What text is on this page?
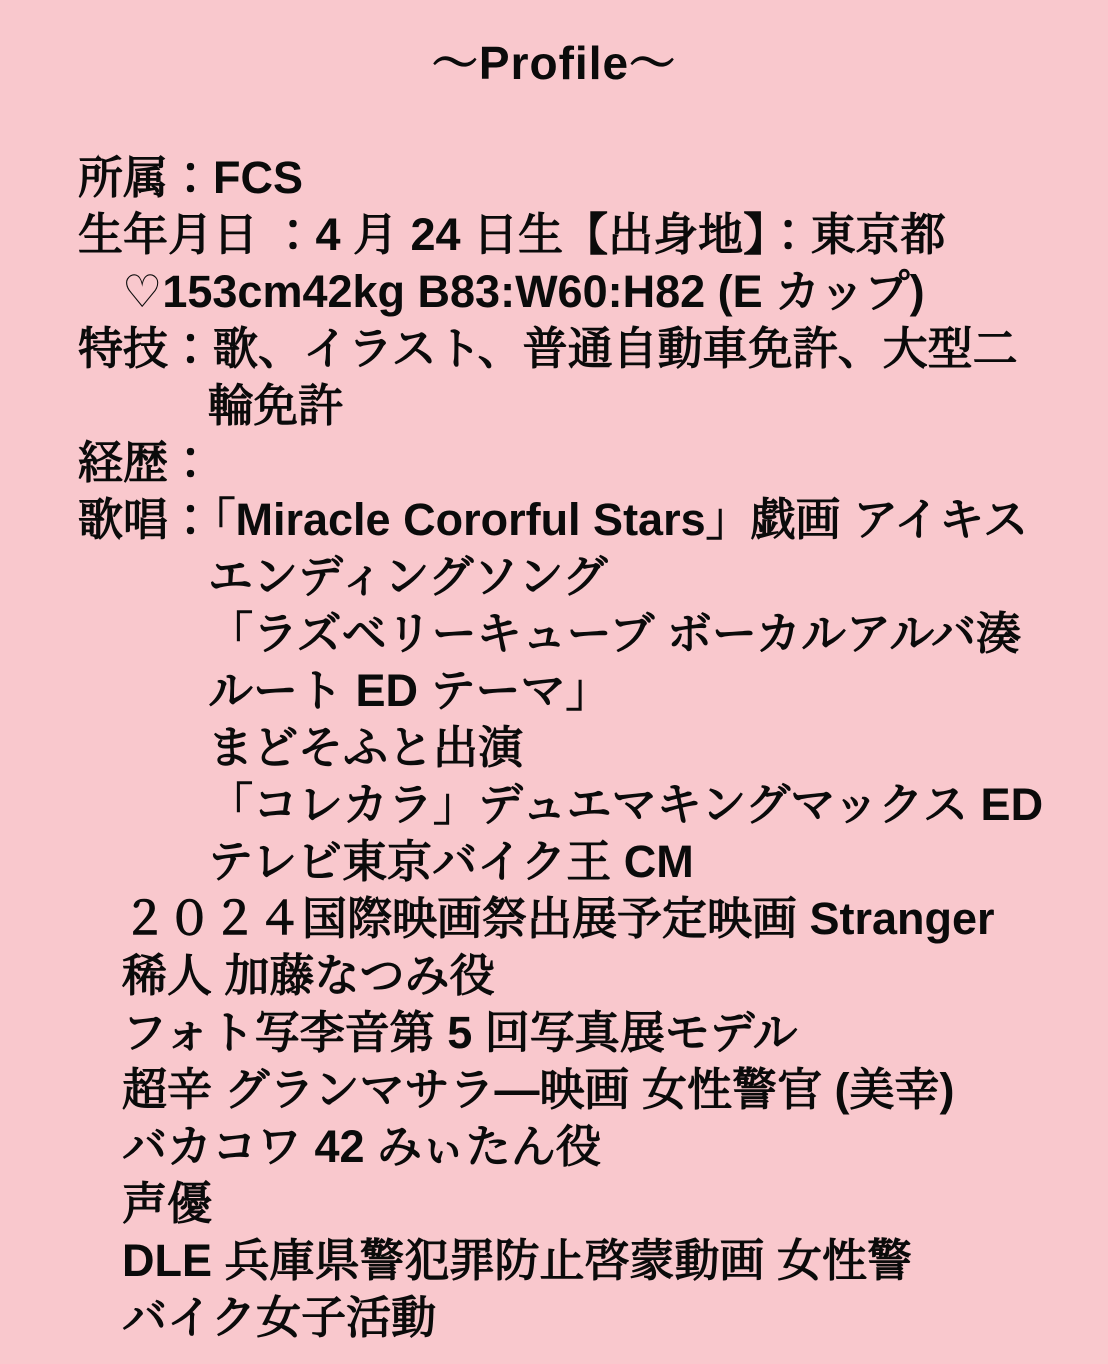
～Profile～
所属：FCS
生年月日 ：4 月 24 日生【出身地】：東京都
♡153cm42kg B83:W60:H82 (E カップ)
特技：歌、イラスト、普通自動車免許、大型二
輪免許
経歴：
歌唱：「Miracle Cororful Stars」戯画 アイキス
エンディングソング
「ラズベリーキューブ ボーカルアルバ湊
ルート ED テーマ」
まどそふと出演
「コレカラ」デュエマキングマックス ED
テレビ東京バイク王 CM
２０２４国際映画祭出展予定映画 Stranger
稀人 加藤なつみ役
フォト写李音第 5 回写真展モデル
超辛 グランマサラ―映画 女性警官 (美幸)
バカコワ 42 みぃたん役
声優
DLE 兵庫県警犯罪防止啓蒙動画 女性警
バイク女子活動
